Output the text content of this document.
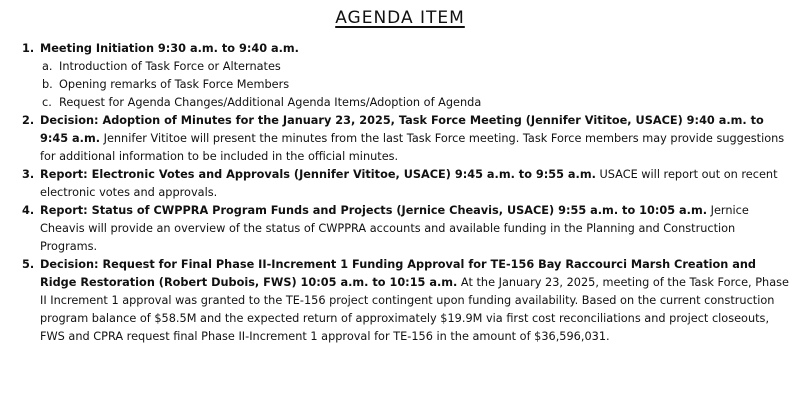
AGENDA ITEM
1. Meeting Initiation 9:30 a.m. to 9:40 a.m.
a. Introduction of Task Force or Alternates
b. Opening remarks of Task Force Members
c. Request for Agenda Changes/Additional Agenda Items/Adoption of Agenda
2. Decision: Adoption of Minutes for the January 23, 2025, Task Force Meeting (Jennifer Vititoe, USACE) 9:40 a.m. to 9:45 a.m. Jennifer Vititoe will present the minutes from the last Task Force meeting. Task Force members may provide suggestions for additional information to be included in the official minutes.
3. Report: Electronic Votes and Approvals (Jennifer Vititoe, USACE) 9:45 a.m. to 9:55 a.m. USACE will report out on recent electronic votes and approvals.
4. Report: Status of CWPPRA Program Funds and Projects (Jernice Cheavis, USACE) 9:55 a.m. to 10:05 a.m. Jernice Cheavis will provide an overview of the status of CWPPRA accounts and available funding in the Planning and Construction Programs.
5. Decision: Request for Final Phase II-Increment 1 Funding Approval for TE-156 Bay Raccourci Marsh Creation and Ridge Restoration (Robert Dubois, FWS) 10:05 a.m. to 10:15 a.m. At the January 23, 2025, meeting of the Task Force, Phase II Increment 1 approval was granted to the TE-156 project contingent upon funding availability. Based on the current construction program balance of $58.5M and the expected return of approximately $19.9M via first cost reconciliations and project closeouts, FWS and CPRA request final Phase II-Increment 1 approval for TE-156 in the amount of $36,596,031.
